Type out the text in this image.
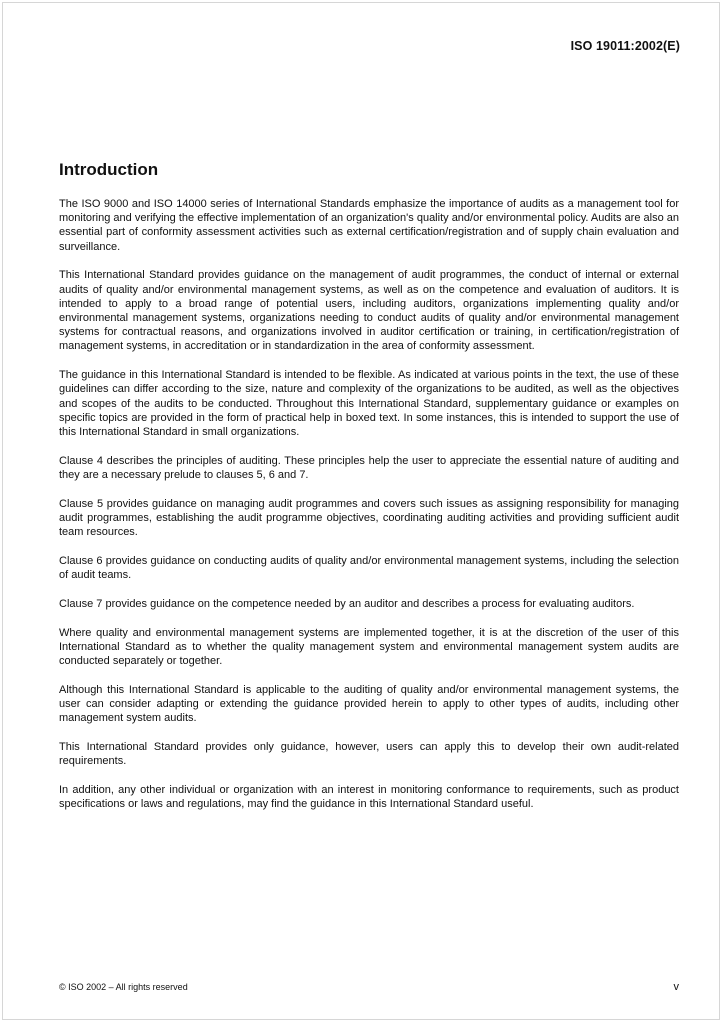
ISO 19011:2002(E)
Introduction

The ISO 9000 and ISO 14000 series of International Standards emphasize the importance of audits as a management tool for monitoring and verifying the effective implementation of an organization's quality and/or environmental policy. Audits are also an essential part of conformity assessment activities such as external certification/registration and of supply chain evaluation and surveillance.

This International Standard provides guidance on the management of audit programmes, the conduct of internal or external audits of quality and/or environmental management systems, as well as on the competence and evaluation of auditors. It is intended to apply to a broad range of potential users, including auditors, organizations implementing quality and/or environmental management systems, organizations needing to conduct audits of quality and/or environmental management systems for contractual reasons, and organizations involved in auditor certification or training, in certification/registration of management systems, in accreditation or in standardization in the area of conformity assessment.

The guidance in this International Standard is intended to be flexible. As indicated at various points in the text, the use of these guidelines can differ according to the size, nature and complexity of the organizations to be audited, as well as the objectives and scopes of the audits to be conducted. Throughout this International Standard, supplementary guidance or examples on specific topics are provided in the form of practical help in boxed text. In some instances, this is intended to support the use of this International Standard in small organizations.

Clause 4 describes the principles of auditing. These principles help the user to appreciate the essential nature of auditing and they are a necessary prelude to clauses 5, 6 and 7.

Clause 5 provides guidance on managing audit programmes and covers such issues as assigning responsibility for managing audit programmes, establishing the audit programme objectives, coordinating auditing activities and providing sufficient audit team resources.

Clause 6 provides guidance on conducting audits of quality and/or environmental management systems, including the selection of audit teams.

Clause 7 provides guidance on the competence needed by an auditor and describes a process for evaluating auditors.

Where quality and environmental management systems are implemented together, it is at the discretion of the user of this International Standard as to whether the quality management system and environmental management system audits are conducted separately or together.

Although this International Standard is applicable to the auditing of quality and/or environmental management systems, the user can consider adapting or extending the guidance provided herein to apply to other types of audits, including other management system audits.

This International Standard provides only guidance, however, users can apply this to develop their own audit-related requirements.

In addition, any other individual or organization with an interest in monitoring conformance to requirements, such as product specifications or laws and regulations, may find the guidance in this International Standard useful.

© ISO 2002 – All rights reserved	v
